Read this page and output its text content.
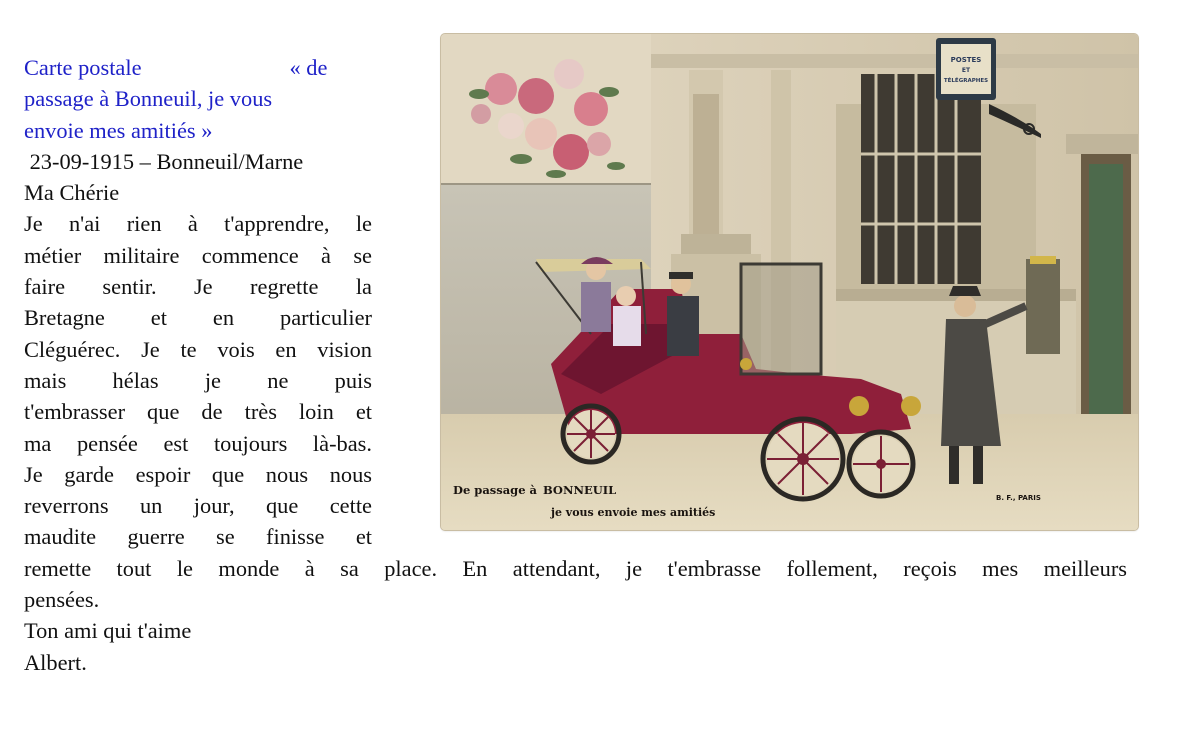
Carte postale	« de
passage à Bonneuil, je vous
envoie mes amitiés »
23-09-1915 – Bonneuil/Marne
Ma Chérie
Je n'ai rien à t'apprendre, le
métier militaire commence à se
faire sentir. Je regrette la
Bretagne et en particulier
Cléguérec. Je te vois en vision
mais hélas je ne puis
t'embrasser que de très loin et
ma pensée est toujours là-bas.
Je garde espoir que nous nous
reverrons un jour, que cette
maudite guerre se finisse et
remette tout le monde à sa place. En attendant, je t'embrasse follement, reçois mes meilleurs
pensées.
Ton ami qui t'aime
Albert.
POSTES
ET
TÉLÉGRAPHES
De passage à BONNEUIL
je vous envoie mes amitiés
B. F., PARIS
